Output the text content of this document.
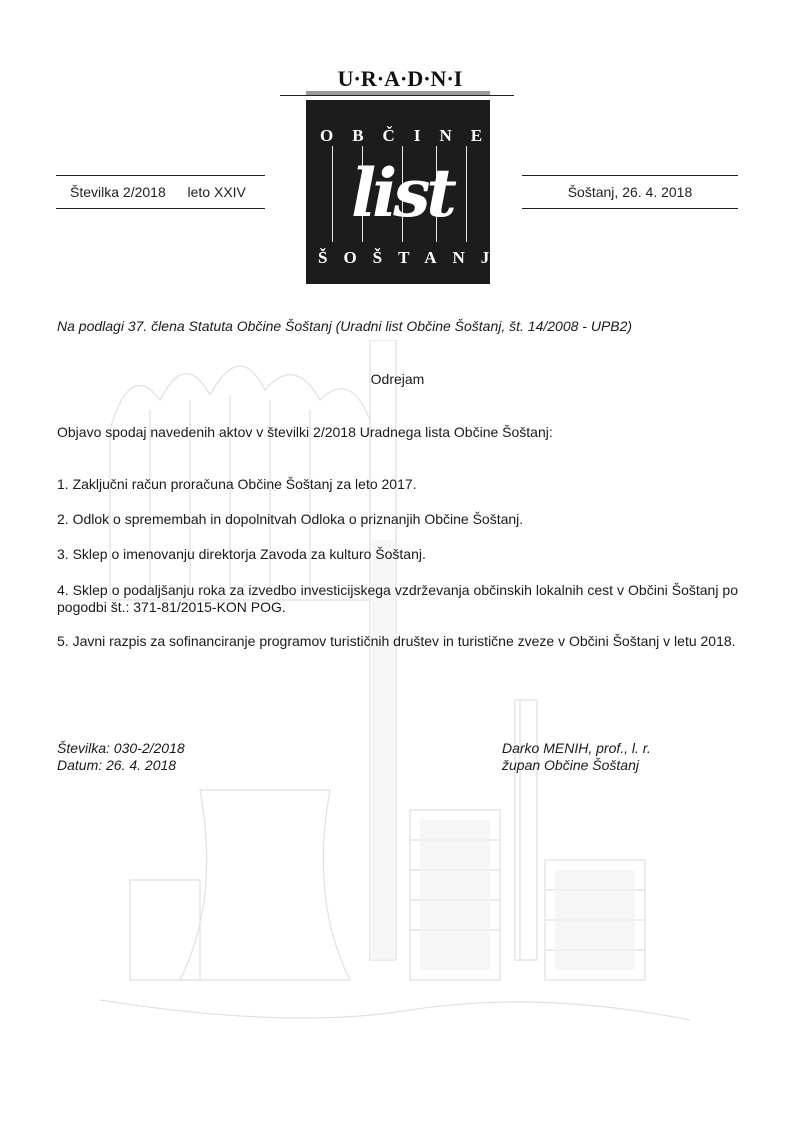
U·R·A·D·N·I
OBČINE
list
ŠOŠTANJ
Številka 2/2018 leto XXIV	Šoštanj, 26. 4. 2018
Na podlagi 37. člena Statuta Občine Šoštanj (Uradni list Občine Šoštanj, št. 14/2008 - UPB2)
Odrejam
Objavo spodaj navedenih aktov v številki 2/2018 Uradnega lista Občine Šoštanj:
1. Zaključni račun proračuna Občine Šoštanj za leto 2017.
2. Odlok o spremembah in dopolnitvah Odloka o priznanjih Občine Šoštanj.
3. Sklep o imenovanju direktorja Zavoda za kulturo Šoštanj.
4. Sklep o podaljšanju roka za izvedbo investicijskega vzdrževanja občinskih lokalnih cest v Občini Šoštanj po pogodbi št.: 371-81/2015-KON POG.
5. Javni razpis za sofinanciranje programov turističnih društev in turistične zveze v Občini Šoštanj v letu 2018.
Številka: 030-2/2018
Datum: 26. 4. 2018
Darko MENIH, prof., l. r.
župan Občine Šoštanj
